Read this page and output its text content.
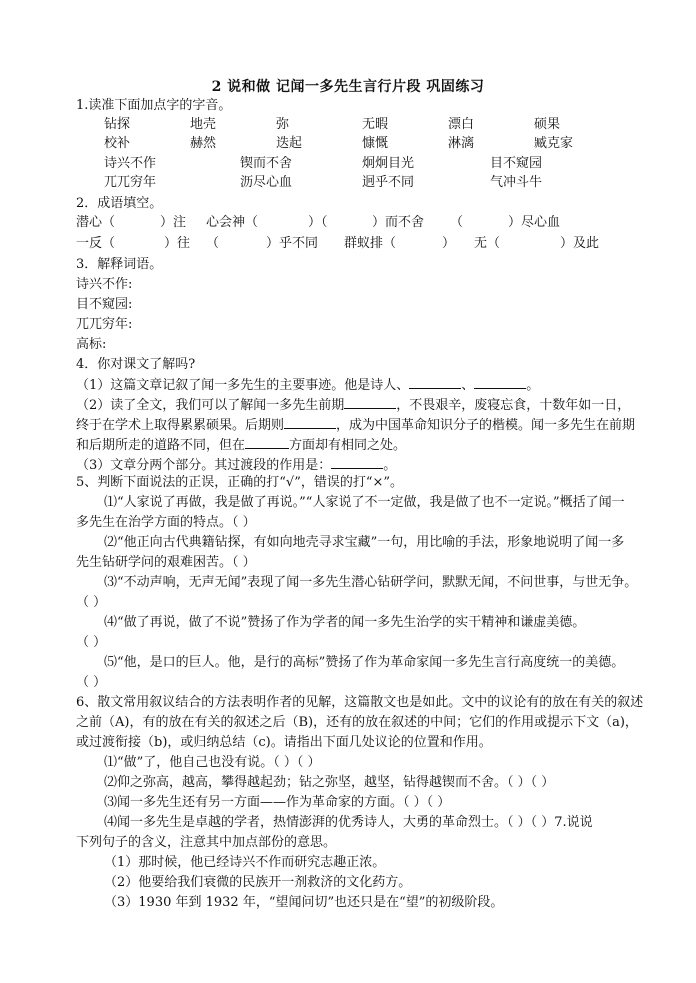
2 说和做 记闻一多先生言行片段 巩固练习
1.读准下面加点字的字音。
钻探	地壳	弥	无暇	漂白	硕果
校补	赫然	迭起	慷慨	淋漓	臧克家
诗兴不作	锲而不舍	炯炯目光	目不窥园
兀兀穷年	沥尽心血	迥乎不同	气冲斗牛
2．成语填空。
潜心（	）注 心会神（	）（	）而不舍 （	）尽心血
一反（	）往 （	）乎不同 群蚁排（	） 无（	）及此
3．解释词语。
诗兴不作:
目不窥园:
兀兀穷年:
高标:
4．你对课文了解吗?
（1）这篇文章记叙了闻一多先生的主要事迹。他是诗人、	、	。
（2）读了全文，我们可以了解闻一多先生前期	，不畏艰辛，废寝忘食，十数年如一日，
终于在学术上取得累累硕果。后期则	，成为中国革命知识分子的楷模。闻一多先生在前期
和后期所走的道路不同，但在	方面却有相同之处。
（3）文章分两个部分。其过渡段的作用是：	。
5、判断下面说法的正误，正确的打“√”，错误的打“×”。
⑴“人家说了再做，我是做了再说。”“人家说了不一定做，我是做了也不一定说。”概括了闻一
多先生在治学方面的特点。（ ）
⑵“他正向古代典籍钻探，有如向地壳寻求宝藏”一句，用比喻的手法，形象地说明了闻一多
先生钻研学问的艰难困苦。（ ）
⑶“不动声响，无声无闻”表现了闻一多先生潜心钻研学问，默默无闻，不问世事，与世无争。
（ ）
⑷“做了再说，做了不说”赞扬了作为学者的闻一多先生治学的实干精神和谦虚美德。
（ ）
⑸“他，是口的巨人。他，是行的高标”赞扬了作为革命家闻一多先生言行高度统一的美德。
（ ）
6、散文常用叙议结合的方法表明作者的见解，这篇散文也是如此。文中的议论有的放在有关的叙述
之前（A)，有的放在有关的叙述之后（B)，还有的放在叙述的中间；它们的作用或提示下文（a)，
或过渡衔接（b)，或归纳总结（c)。请指出下面几处议论的位置和作用。
⑴“做”了，他自己也没有说。（ ）（ ）
⑵仰之弥高，越高，攀得越起劲；钻之弥坚，越坚，钻得越锲而不舍。（ ）（ ）
⑶闻一多先生还有另一方面——作为革命家的方面。（ ）（ ）
⑷闻一多先生是卓越的学者，热情澎湃的优秀诗人，大勇的革命烈士。（ ）（ ）7.说说
下列句子的含义，注意其中加点部份的意思。
（1）那时候，他已经诗兴不作而研究志趣正浓。
（2）他要给我们衰微的民族开一剂救济的文化药方。
（3）1930 年到 1932 年，“望闻问切”也还只是在“望”的初级阶段。
